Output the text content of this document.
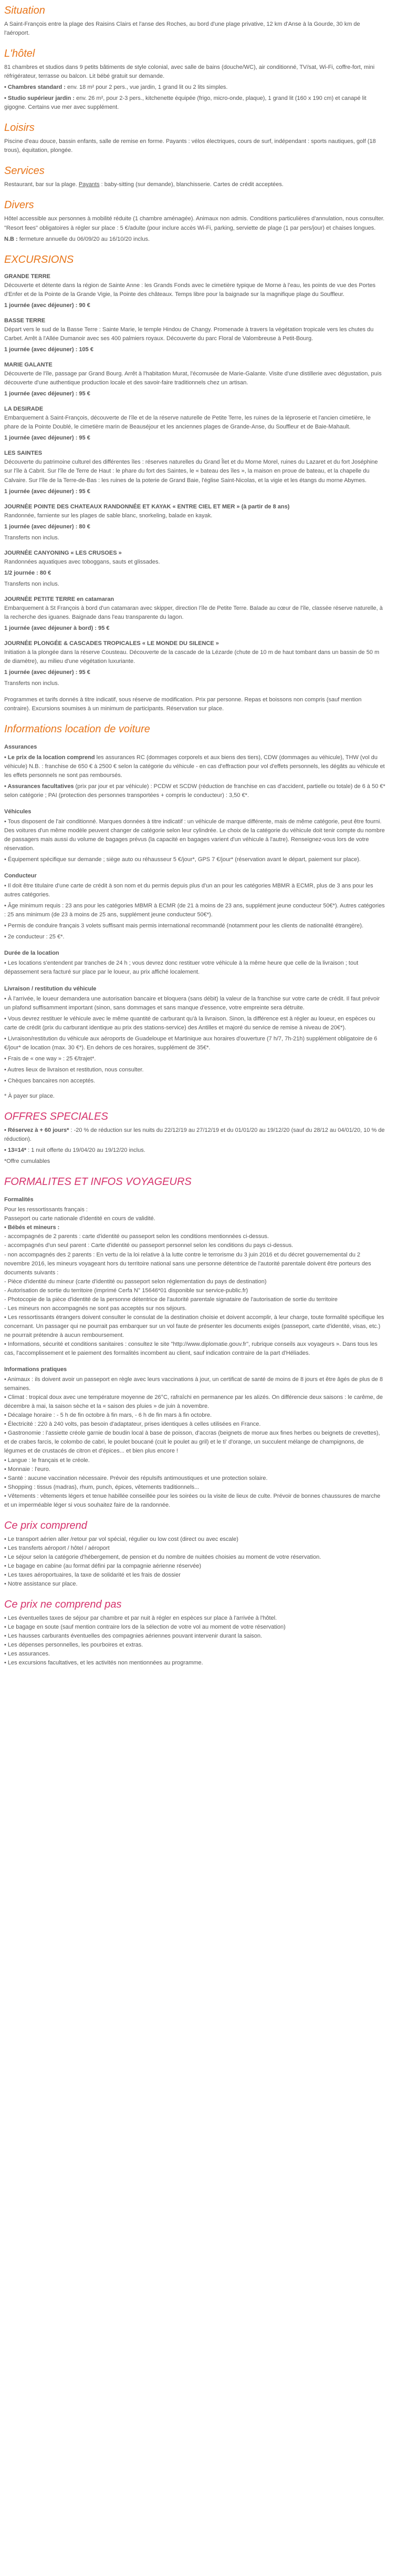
Situation

A Saint-François entre la plage des Raisins Clairs et l'anse des Roches, au bord d'une plage privative, 12 km d'Anse à la Gourde, 30 km de l'aéroport.

L'hôtel

81 chambres et studios dans 9 petits bâtiments de style colonial, avec salle de bains (douche/WC), air conditionné, TV/sat, Wi-Fi, coffre-fort, mini réfrigérateur, terrasse ou balcon. Lit bébé gratuit sur demande.

• Chambres standard : env. 18 m² pour 2 pers., vue jardin, 1 grand lit ou 2 lits simples.

• Studio supérieur jardin : env. 26 m², pour 2-3 pers., kitchenette équipée (frigo, micro-onde, plaque), 1 grand lit (160 x 190 cm) et canapé lit gigogne. Certains vue mer avec supplément.

Loisirs

Piscine d'eau douce, bassin enfants, salle de remise en forme. Payants : vélos électriques, cours de surf, indépendant : sports nautiques, golf (18 trous), équitation, plongée.

Services

Restaurant, bar sur la plage. Payants : baby-sitting (sur demande), blanchisserie. Cartes de crédit acceptées.

Divers

Hôtel accessible aux personnes à mobilité réduite (1 chambre aménagée). Animaux non admis. Conditions particulières d'annulation, nous consulter. "Resort fees" obligatoires à régler sur place : 5 €/adulte (pour inclure accès Wi-Fi, parking, serviette de plage (1 par pers/jour) et chaises longues.

N.B : fermeture annuelle du 06/09/20 au 16/10/20 inclus.

EXCURSIONS
GRANDE TERRE

Découverte et détente dans la région de Sainte Anne : les Grands Fonds avec le cimetière typique de Morne à l'eau, les points de vue des Portes d'Enfer et de la Pointe de la Grande Vigie, la Pointe des châteaux. Temps libre pour la baignade sur la magnifique plage du Souffleur.

1 journée (avec déjeuner) : 90 €

BASSE TERRE

Départ vers le sud de la Basse Terre : Sainte Marie, le temple Hindou de Changy. Promenade à travers la végétation tropicale vers les chutes du Carbet. Arrêt à l'Allée Dumanoir avec ses 400 palmiers royaux. Découverte du parc Floral de Valombreuse à Petit-Bourg.

1 journée (avec déjeuner) : 105 €

MARIE GALANTE

Découverte de l'île, passage par Grand Bourg. Arrêt à l'habitation Murat, l'écomusée de Marie-Galante. Visite d'une distillerie avec dégustation, puis découverte d'une authentique production locale et des savoir-faire traditionnels chez un artisan.

1 journée (avec déjeuner) : 95 €

LA DESIRADE

Embarquement à Saint-François, découverte de l'île et de la réserve naturelle de Petite Terre, les ruines de la léproserie et l'ancien cimetière, le phare de la Pointe Doublé, le cimetière marin de Beauséjour et les anciennes plages de Grande-Anse, du Souffleur et de Baie-Mahault.

1 journée (avec déjeuner) : 95 €

LES SAINTES

Découverte du patrimoine culturel des différentes îles : réserves naturelles du Grand Îlet et du Morne Morel, ruines du Lazaret et du fort Joséphine sur l'île à Cabrit. Sur l'île de Terre de Haut : le phare du fort des Saintes, le « bateau des îles », la maison en proue de bateau, et la chapelle du Calvaire. Sur l'île de la Terre-de-Bas : les ruines de la poterie de Grand Baie, l'église Saint-Nicolas, et la vigie et les étangs du morne Abymes.

1 journée (avec déjeuner) : 95 €

JOURNÉE POINTE DES CHATEAUX RANDONNÉE ET KAYAK « ENTRE CIEL ET MER » (à partir de 8 ans)

Randonnée, farniente sur les plages de sable blanc, snorkeling, balade en kayak.

1 journée (avec déjeuner) : 80 €

Transferts non inclus.

JOURNÉE CANYONING « LES CRUSOES »

Randonnées aquatiques avec toboggans, sauts et glissades.

1/2 journée : 80 €

Transferts non inclus.

JOURNÉE PETITE TERRE en catamaran

Embarquement à St François à bord d'un catamaran avec skipper, direction l'île de Petite Terre. Balade au cœur de l'île, classée réserve naturelle, à la recherche des iguanes. Baignade dans l'eau transparente du lagon.

1 journée (avec déjeuner à bord) : 95 €

JOURNÉE PLONGÉE & CASCADES TROPICALES « LE MONDE DU SILENCE »

Initiation à la plongée dans la réserve Cousteau. Découverte de la cascade de la Lézarde (chute de 10 m de haut tombant dans un bassin de 50 m de diamètre), au milieu d'une végétation luxuriante.

1 journée (avec déjeuner) : 95 €

Transferts non inclus.

Programmes et tarifs donnés à titre indicatif, sous réserve de modification. Prix par personne. Repas et boissons non compris (sauf mention contraire). Excursions soumises à un minimum de participants. Réservation sur place.

Informations location de voiture
Assurances

• Le prix de la location comprend les assurances RC (dommages corporels et aux biens des tiers), CDW (dommages au véhicule), THW (vol du véhicule) N.B. : franchise de 650 € à 2500 € selon la catégorie du véhicule - en cas d'effraction pour vol d'effets personnels, les dégâts au véhicule et les effets personnels ne sont pas remboursés.

• Assurances facultatives (prix par jour et par véhicule) : PCDW et SCDW (réduction de franchise en cas d'accident, partielle ou totale) de 6 à 50 €* selon catégorie ; PAI (protection des personnes transportées + compris le conducteur) : 3,50 €*.

Véhicules

• Tous disposent de l'air conditionné. Marques données à titre indicatif : un véhicule de marque différente, mais de même catégorie, peut être fourni. Des voitures d'un même modèle peuvent changer de catégorie selon leur cylindrée. Le choix de la catégorie du véhicule doit tenir compte du nombre de passagers mais aussi du volume de bagages prévus (la capacité en bagages varient d'un véhicule à l'autre). Renseignez-vous lors de votre réservation.

• Équipement spécifique sur demande ; siège auto ou réhausseur 5 €/jour*, GPS 7 €/jour* (réservation avant le départ, paiement sur place).

Conducteur

• Il doit être titulaire d'une carte de crédit à son nom et du permis depuis plus d'un an pour les catégories MBMR à ECMR, plus de 3 ans pour les autres catégories.

• Âge minimum requis : 23 ans pour les catégories MBMR à ECMR (de 21 à moins de 23 ans, supplément jeune conducteur 50€*). Autres catégories : 25 ans minimum (de 23 à moins de 25 ans, supplément jeune conducteur 50€*).

• Permis de conduire français 3 volets suffisant mais permis international recommandé (notamment pour les clients de nationalité étrangère).

• 2e conducteur : 25 €*.

Durée de la location

• Les locations s'entendent par tranches de 24 h ; vous devrez donc restituer votre véhicule à la même heure que celle de la livraison ; tout dépassement sera facturé sur place par le loueur, au prix affiché localement.

Livraison / restitution du véhicule

• À l'arrivée, le loueur demandera une autorisation bancaire et bloquera (sans débit) la valeur de la franchise sur votre carte de crédit. Il faut prévoir un plafond suffisamment important (sinon, sans dommages et sans manque d'essence, votre empreinte sera détruite.

• Vous devrez restituer le véhicule avec le même quantité de carburant qu'à la livraison. Sinon, la différence est à régler au loueur, en espèces ou carte de crédit (prix du carburant identique au prix des stations-service) des Antilles et majoré du service de remise à niveau de 20€*).

• Livraison/restitution du véhicule aux aéroports de Guadeloupe et Martinique aux horaires d'ouverture (7 h/7, 7h-21h) supplément obligatoire de 6 €/jour* de location (max. 30 €*). En dehors de ces horaires, supplément de 35€*.

• Frais de « one way » : 25 €/trajet*.

• Autres lieux de livraison et restitution, nous consulter.

• Chèques bancaires non acceptés.

* À payer sur place.

OFFRES SPECIALES

• Réservez à + 60 jours* : -20 % de réduction sur les nuits du 22/12/19 au 27/12/19 et du 01/01/20 au 19/12/20 (sauf du 28/12 au 04/01/20, 10 % de réduction).

• 13=14* : 1 nuit offerte du 19/04/20 au 19/12/20 inclus.

*Offre cumulables

FORMALITES ET INFOS VOYAGEURS
Formalités
Pour les ressortissants français :
Passeport ou carte nationale d'identité en cours de validité.
• Bébés et mineurs :
- accompagnés de 2 parents : carte d'identité ou passeport selon les conditions mentionnées ci-dessus.
- accompagnés d'un seul parent : Carte d'identité ou passeport personnel selon les conditions du pays ci-dessus.
- non accompagnés des 2 parents : En vertu de la loi relative à la lutte contre le terrorisme du 3 juin 2016 et du décret gouvernemental du 2 novembre 2016, les mineurs voyageant hors du territoire national sans une personne détentrice de l'autorité parentale doivent être porteurs des documents suivants :
- Pièce d'identité du mineur (carte d'identité ou passeport selon réglementation du pays de destination)
- Autorisation de sortie du territoire (imprimé Cerfa N° 15646*01 disponible sur service-public.fr)
- Photocopie de la pièce d'identité de la personne détentrice de l'autorité parentale signataire de l'autorisation de sortie du territoire
- Les mineurs non accompagnés ne sont pas acceptés sur nos séjours.
• Les ressortissants étrangers doivent consulter le consulat de la destination choisie et doivent accomplir, à leur charge, toute formalité spécifique les concernant. Un passager qui ne pourrait pas embarquer sur un vol faute de présenter les documents exigés (passeport, carte d'identité, visas, etc.) ne pourrait prétendre à aucun remboursement.
• Informations, sécurité et conditions sanitaires : consultez le site "http://www.diplomatie.gouv.fr", rubrique conseils aux voyageurs ». Dans tous les cas, l'accomplissement et le paiement des formalités incombent au client, sauf indication contraire de la part d'Héliades.
Informations pratiques
• Animaux : ils doivent avoir un passeport en règle avec leurs vaccinations à jour, un certificat de santé de moins de 8 jours et être âgés de plus de 8 semaines.
• Climat : tropical doux avec une température moyenne de 26°C, rafraîchi en permanence par les alizés. On différencie deux saisons : le carême, de décembre à mai, la saison sèche et la « saison des pluies » de juin à novembre.
• Décalage horaire : - 5 h de fin octobre à fin mars, - 6 h de fin mars à fin octobre.
• Électricité : 220 à 240 volts, pas besoin d'adaptateur, prises identiques à celles utilisées en France.
• Gastronomie : l'assiette créole garnie de boudin local à base de poisson, d'accras (beignets de morue aux fines herbes ou beignets de crevettes), et de crabes farcis, le colombo de cabri, le poulet boucané (cuit le poulet au gril) et le ti' d'orange, un succulent mélange de champignons, de légumes et de crustacés de citron et d'épices... et bien plus encore !
• Langue : le français et le créole.
• Monnaie : l'euro.
• Santé : aucune vaccination nécessaire. Prévoir des répulsifs antimoustiques et une protection solaire.
• Shopping : tissus (madras), rhum, punch, épices, vêtements traditionnels...
• Vêtements : vêtements légers et tenue habillée conseillée pour les soirées ou la visite de lieux de culte. Prévoir de bonnes chaussures de marche et un imperméable léger si vous souhaitez faire de la randonnée.
Ce prix comprend
• Le transport aérien aller /retour par vol spécial, régulier ou low cost (direct ou avec escale)
• Les transferts aéroport / hôtel / aéroport
• Le séjour selon la catégorie d'hébergement, de pension et du nombre de nuitées choisies au moment de votre réservation.
• Le bagage en cabine (au format défini par la compagnie aérienne réservée)
• Les taxes aéroportuaires, la taxe de solidarité et les frais de dossier
• Notre assistance sur place.
Ce prix ne comprend pas
• Les éventuelles taxes de séjour par chambre et par nuit à régler en espèces sur place à l'arrivée à l'hôtel.
• Le bagage en soute (sauf mention contraire lors de la sélection de votre vol au moment de votre réservation)
• Les hausses carburants éventuelles des compagnies aériennes pouvant intervenir durant la saison.
• Les dépenses personnelles, les pourboires et extras.
• Les assurances.
• Les excursions facultatives, et les activités non mentionnées au programme.
